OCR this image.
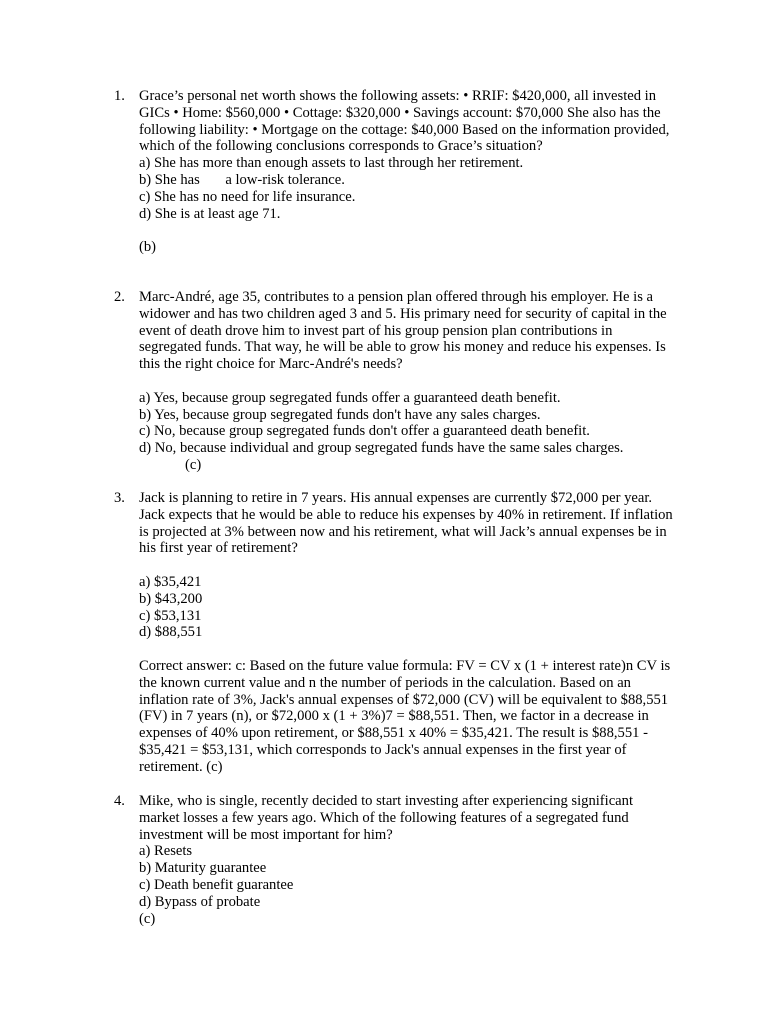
1. Grace’s personal net worth shows the following assets: • RRIF: $420,000, all invested in GICs • Home: $560,000 • Cottage: $320,000 • Savings account: $70,000 She also has the following liability: • Mortgage on the cottage: $40,000 Based on the information provided, which of the following conclusions corresponds to Grace’s situation?

a) She has more than enough assets to last through her retirement.
b) She has       a low-risk tolerance.
c) She has no need for life insurance.
d) She is at least age 71.
(b)
2. Marc-André, age 35, contributes to a pension plan offered through his employer. He is a widower and has two children aged 3 and 5. His primary need for security of capital in the event of death drove him to invest part of his group pension plan contributions in segregated funds. That way, he will be able to grow his money and reduce his expenses. Is this the right choice for Marc-André's needs?

a) Yes, because group segregated funds offer a guaranteed death benefit.
b) Yes, because group segregated funds don't have any sales charges.
c) No, because group segregated funds don't offer a guaranteed death benefit.
d) No, because individual and group segregated funds have the same sales charges.
(c)
3. Jack is planning to retire in 7 years. His annual expenses are currently $72,000 per year. Jack expects that he would be able to reduce his expenses by 40% in retirement. If inflation is projected at 3% between now and his retirement, what will Jack’s annual expenses be in his first year of retirement?

a) $35,421
b) $43,200
c) $53,131
d) $88,551

Correct answer: c: Based on the future value formula: FV = CV x (1 + interest rate)n CV is the known current value and n the number of periods in the calculation. Based on an inflation rate of 3%, Jack's annual expenses of $72,000 (CV) will be equivalent to $88,551 (FV) in 7 years (n), or $72,000 x (1 + 3%)7 = $88,551. Then, we factor in a decrease in expenses of 40% upon retirement, or $88,551 x 40% = $35,421. The result is $88,551 - $35,421 = $53,131, which corresponds to Jack's annual expenses in the first year of retirement. (c)

4. Mike, who is single, recently decided to start investing after experiencing significant market losses a few years ago. Which of the following features of a segregated fund investment will be most important for him?

a) Resets
b) Maturity guarantee
c) Death benefit guarantee
d) Bypass of probate
(c)
